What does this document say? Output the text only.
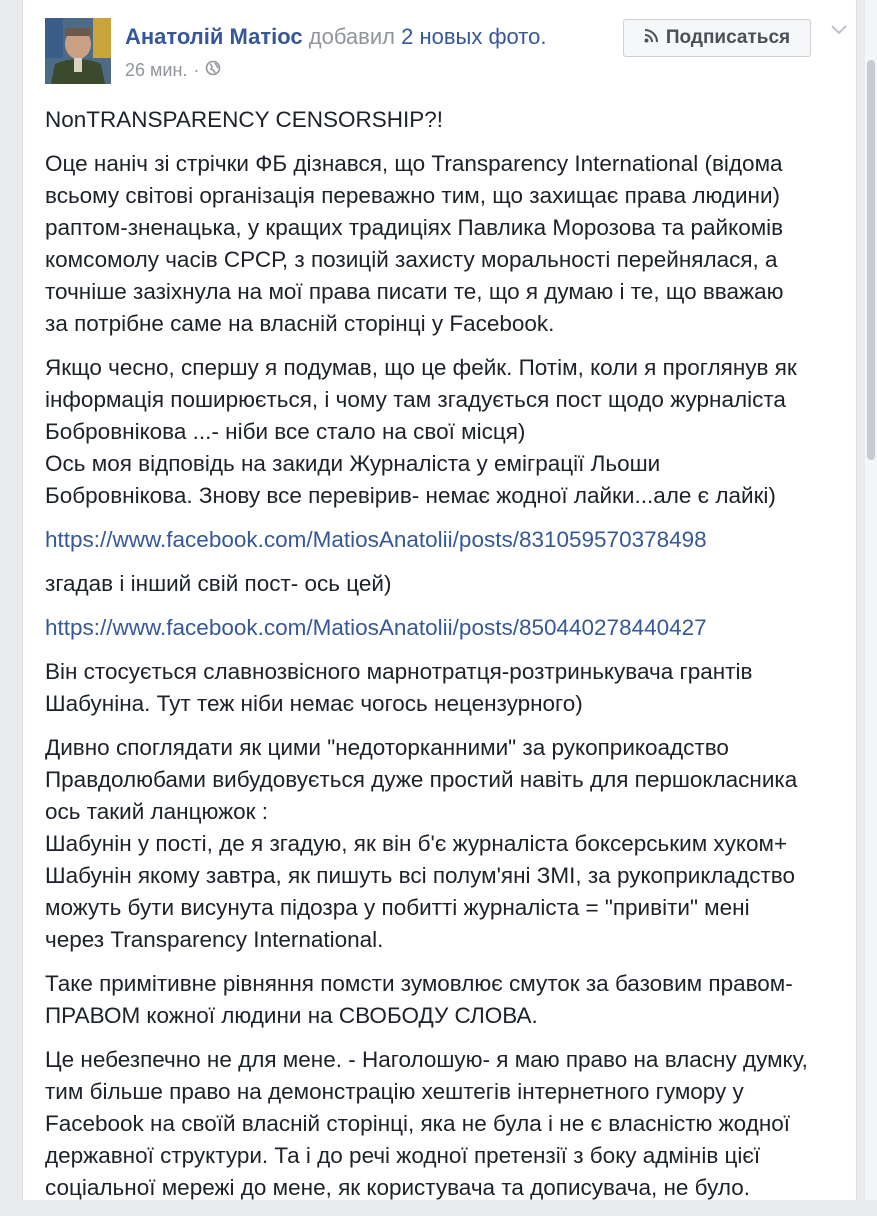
Анатолій Матіос добавил 2 новых фото.
26 мин. ·
Подписаться

NonTRANSPARENCY CENSORSHIP?!

Оце наніч зі стрічки ФБ дізнався, що Transparency International (відома
всьому світові організація переважно тим, що захищає права людини)
раптом-зненацька, у кращих традиціях Павлика Морозова та райкомів
комсомолу часів СРСР, з позицій захисту моральності перейнялася, а
точніше зазіхнула на мої права писати те, що я думаю і те, що вважаю
за потрібне саме на власній сторінці у Facebook.

Якщо чесно, спершу я подумав, що це фейк. Потім, коли я проглянув як
інформація поширюється, і чому там згадується пост щодо журналіста
Бобровнікова ...- ніби все стало на свої місця)
Ось моя відповідь на закиди Журналіста у еміграції Льоши
Бобровнікова. Знову все перевірив- немає жодної лайки...але є лайкі)

https://www.facebook.com/MatiosAnatolii/posts/831059570378498

згадав і інший свій пост- ось цей)

https://www.facebook.com/MatiosAnatolii/posts/850440278440427

Він стосується славнозвісного марнотратця-розтринькувача грантів
Шабуніна. Тут теж ніби немає чогось нецензурного)

Дивно споглядати як цими "недоторканними" за рукоприкоадство
Правдолюбами вибудовується дуже простий навіть для першокласника
ось такий ланцюжок :
Шабунін у пості, де я згадую, як він б'є журналіста боксерським хуком+
Шабунін якому завтра, як пишуть всі полум'яні ЗМІ, за рукоприкладство
можуть бути висунута підозра у побитті журналіста = "привіти" мені
через Transparency International.

Таке примітивне рівняння помсти зумовлює смуток за базовим правом-
ПРАВОМ кожної людини на СВОБОДУ СЛОВА.

Це небезпечно не для мене. - Наголошую- я маю право на власну думку,
тим більше право на демонстрацію хештегів інтернетного гумору у
Facebook на своїй власній сторінці, яка не була і не є власністю жодної
державної структури. Та і до речі жодної претензії з боку адмінів цієї
соціальної мережі до мене, як користувача та дописувача, не було.
